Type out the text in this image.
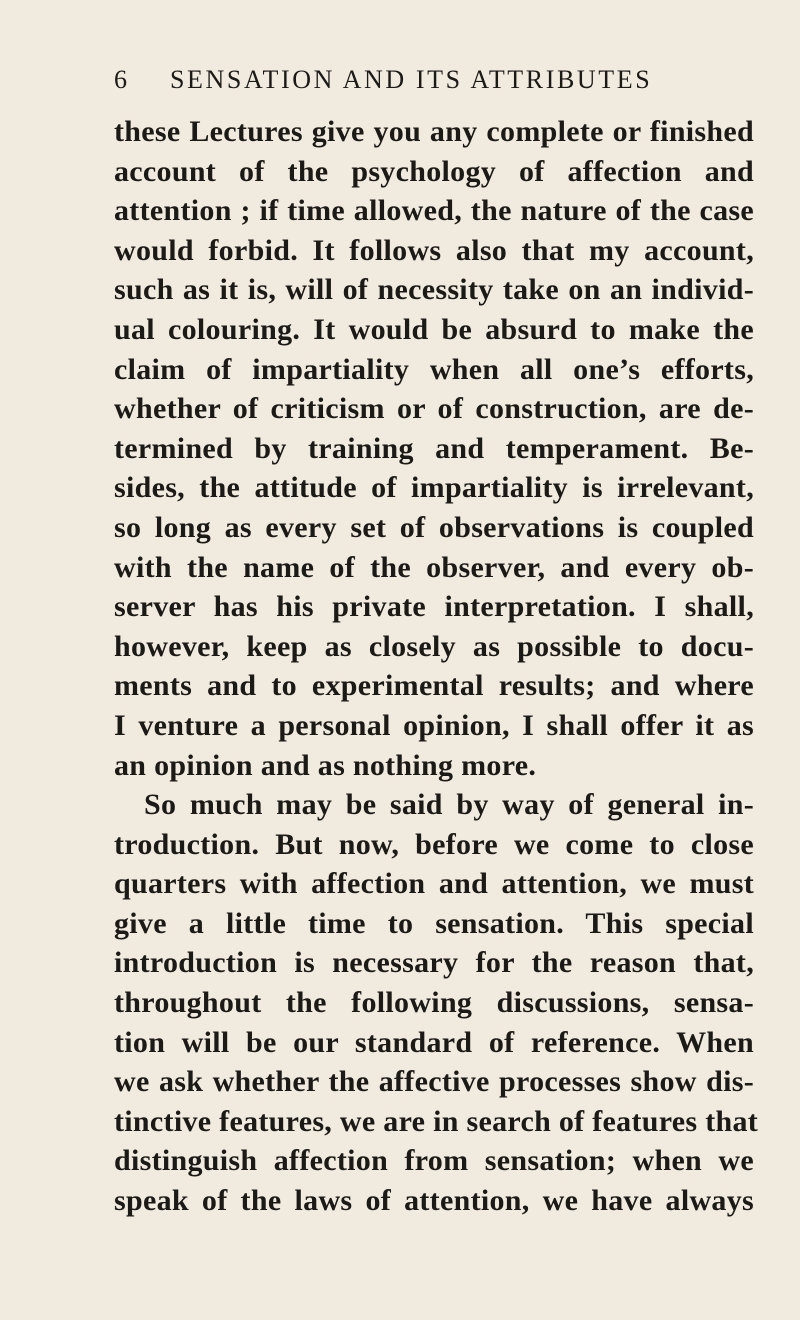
6 SENSATION AND ITS ATTRIBUTES
these Lectures give you any complete or finished
account of the psychology of affection and
attention ; if time allowed, the nature of the case
would forbid. It follows also that my account,
such as it is, will of necessity take on an individ-
ual colouring. It would be absurd to make the
claim of impartiality when all one’s efforts,
whether of criticism or of construction, are de-
termined by training and temperament. Be-
sides, the attitude of impartiality is irrelevant,
so long as every set of observations is coupled
with the name of the observer, and every ob-
server has his private interpretation. I shall,
however, keep as closely as possible to docu-
ments and to experimental results; and where
I venture a personal opinion, I shall offer it as
an opinion and as nothing more.
So much may be said by way of general in-
troduction. But now, before we come to close
quarters with affection and attention, we must
give a little time to sensation. This special
introduction is necessary for the reason that,
throughout the following discussions, sensa-
tion will be our standard of reference. When
we ask whether the affective processes show dis-
tinctive features, we are in search of features that
distinguish affection from sensation; when we
speak of the laws of attention, we have always
